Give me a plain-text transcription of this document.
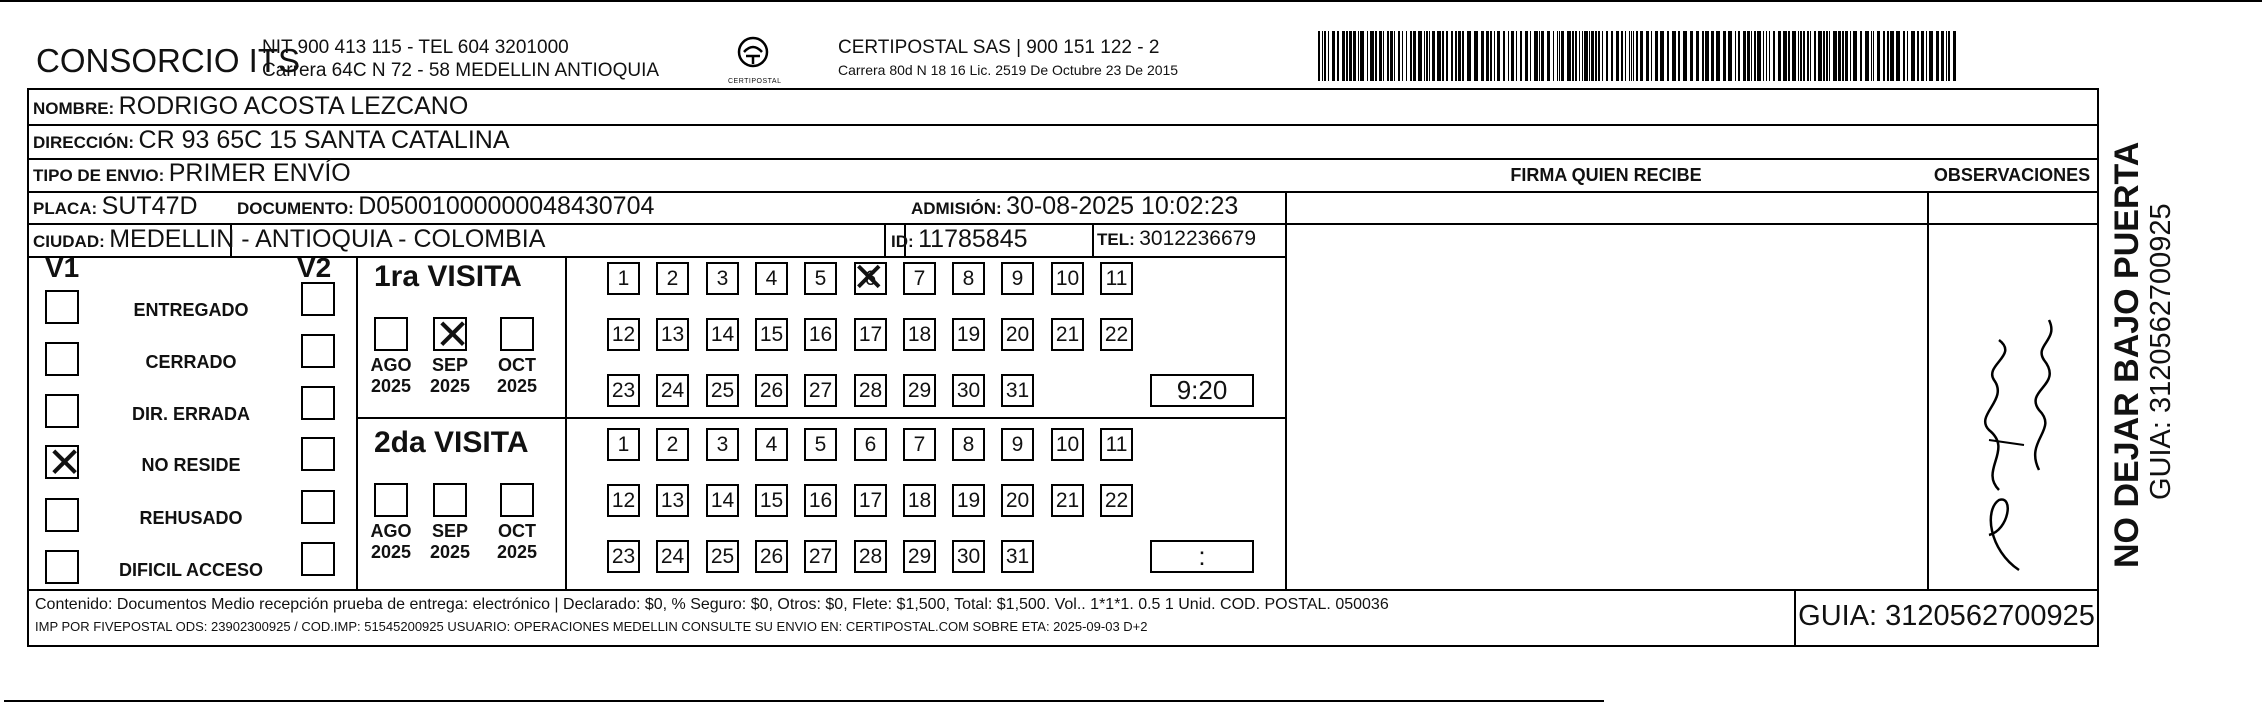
CONSORCIO ITS
NIT 900 413 115 - TEL 604 3201000
Carrera 64C N 72 - 58 MEDELLIN ANTIOQUIA
CERTIPOSTAL
CERTIPOSTAL SAS | 900 151 122 - 2
Carrera 80d N 18 16 Lic. 2519 De Octubre 23 De 2015
NOMBRE: RODRIGO ACOSTA LEZCANO
DIRECCIÓN: CR 93 65C 15 SANTA CATALINA
TIPO DE ENVIO: PRIMER ENVÍO	FIRMA QUIEN RECIBE	OBSERVACIONES
PLACA: SUT47D DOCUMENTO: D05001000000048430704	ADMISIÓN: 30-08-2025 10:02:23
CIUDAD: MEDELLIN - ANTIOQUIA - COLOMBIA	ID: 11785845	TEL: 3012236679
V1	V2
ENTREGADO
CERRADO
DIR. ERRADA
✕	NO RESIDE
REHUSADO
DIFICIL ACCESO
1ra VISITA
AGO
2025
✕
SEP
2025
OCT
2025
1	2	3	4	5	6 ✕	7	8	9	10 11
12 13 14 15 16 17 18 19 20 21 22
23 24 25 26 27 28 29 30 31	9:20
2da VISITA
AGO
2025
SEP
2025
OCT
2025
1	2	3	4	5	6	7	8	9	10 11
12 13 14 15 16 17 18 19 20 21 22
23 24 25 26 27 28 29 30 31	:
Contenido: Documentos Medio recepción prueba de entrega: electrónico | Declarado: $0, % Seguro: $0, Otros: $0, Flete: $1,500, Total: $1,500. Vol.. 1*1*1. 0.5 1 Unid. COD. POSTAL. 050036
IMP POR FIVEPOSTAL ODS: 23902300925 / COD.IMP: 51545200925 USUARIO: OPERACIONES MEDELLIN CONSULTE SU ENVIO EN: CERTIPOSTAL.COM SOBRE ETA: 2025-09-03 D+2	GUIA: 3120562700925
NO DEJAR BAJO PUERTA GUIA: 3120562700925
